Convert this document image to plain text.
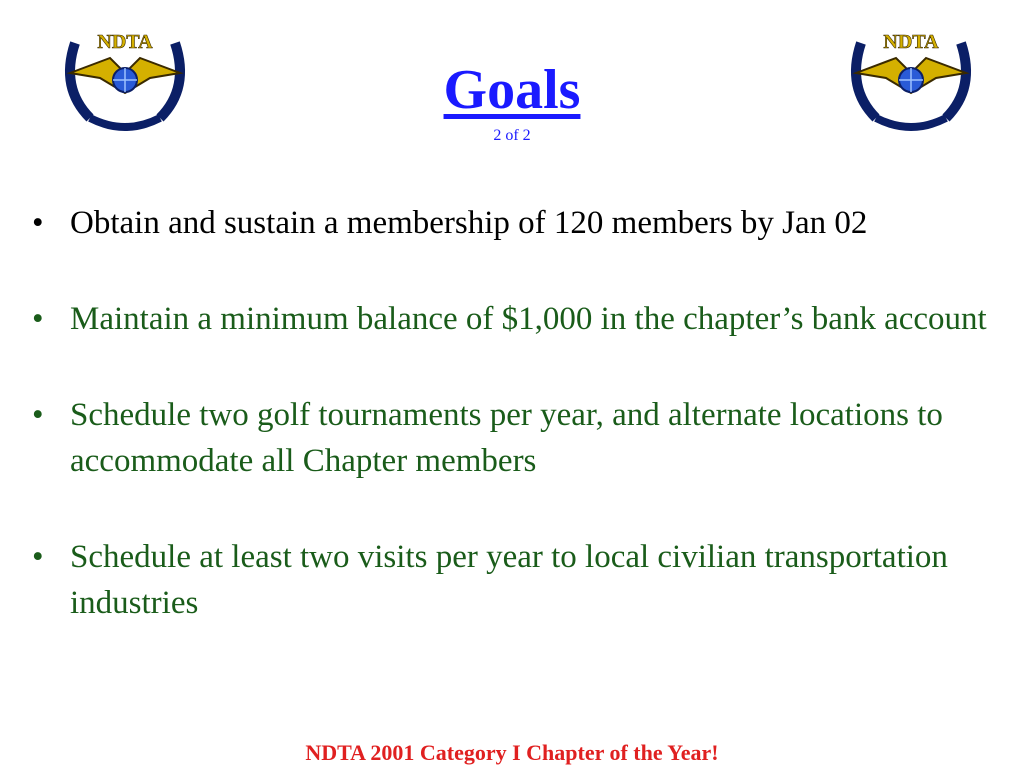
NDTA	NDTA
Goals
2 of 2
• Obtain and sustain a membership of 120 members by Jan 02
• Maintain a minimum balance of $1,000 in the chapter’s bank account
• Schedule two golf tournaments per year, and alternate locations to accommodate all Chapter members
• Schedule at least two visits per year to local civilian transportation industries
NDTA 2001 Category I Chapter of the Year!
